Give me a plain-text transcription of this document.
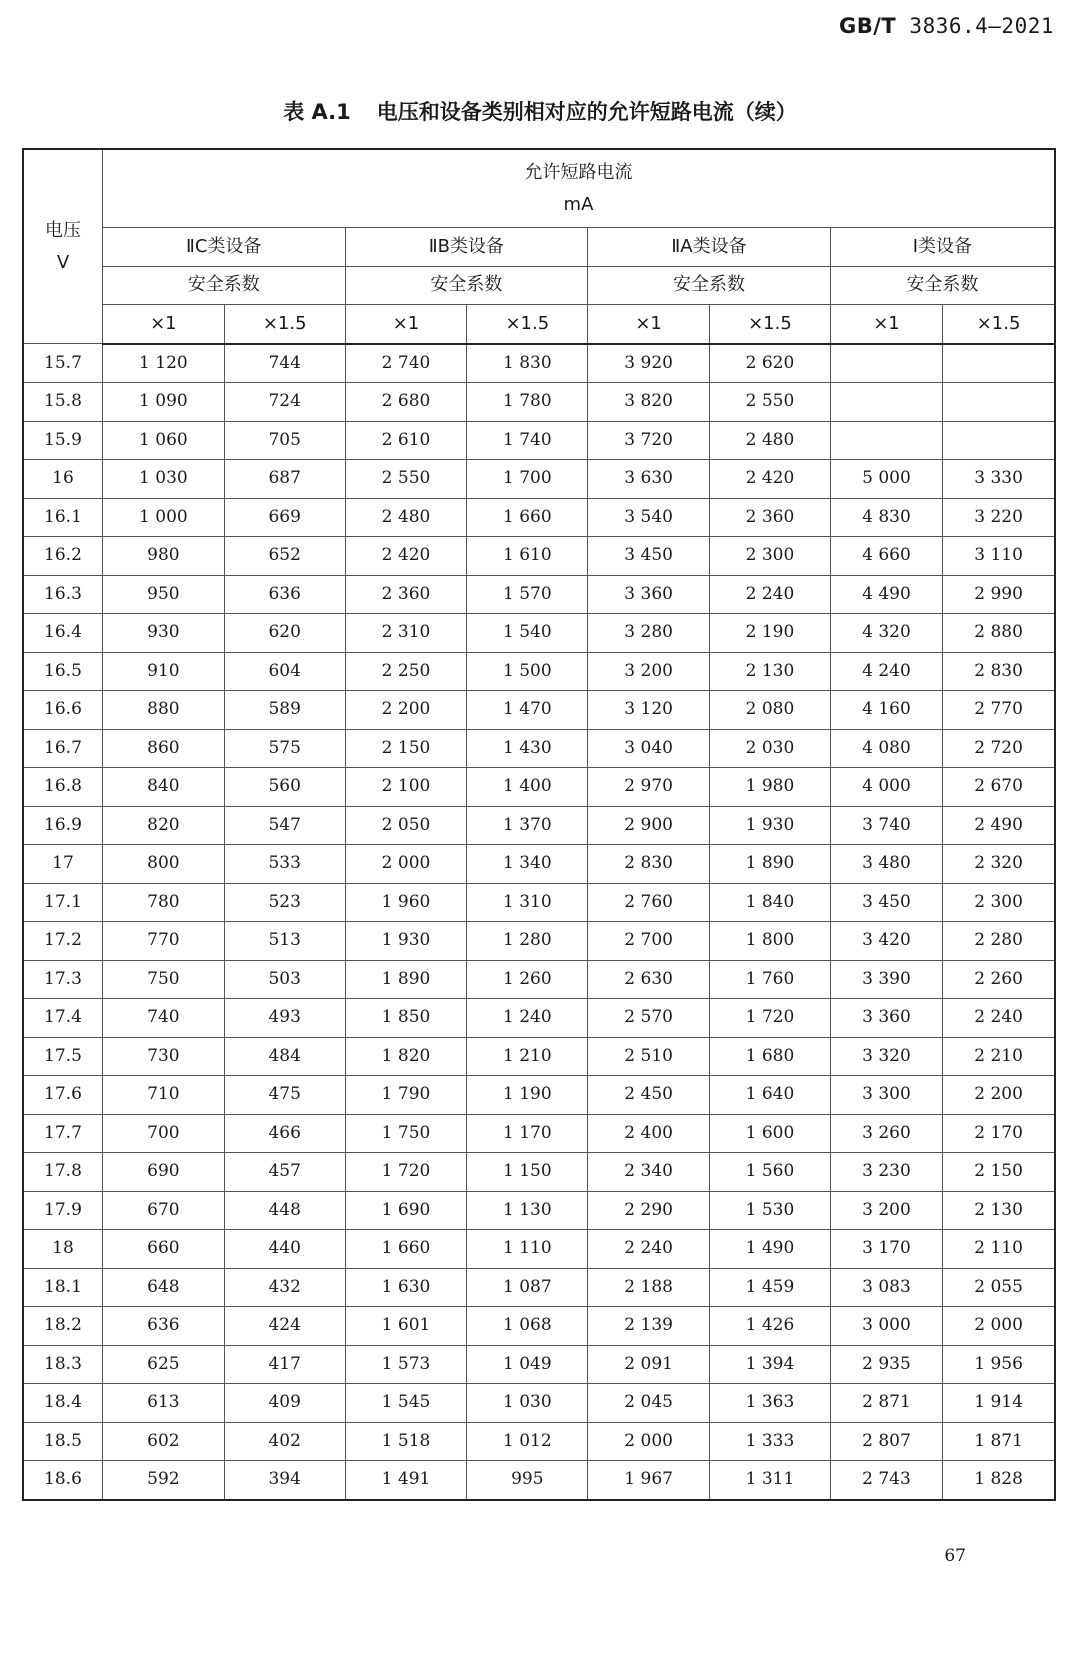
GB/T 3836.4—2021
表 A.1 电压和设备类别相对应的允许短路电流（续）
电压
V	允许短路电流
mA							
	ⅡC类设备		ⅡB类设备		ⅡA类设备		Ⅰ类设备	
	安全系数		安全系数		安全系数		安全系数	
	×1	×1.5	×1	×1.5	×1	×1.5	×1	×1.5
15.7	1 120	744	2 740	1 830	3 920	2 620		
15.8	1 090	724	2 680	1 780	3 820	2 550		
15.9	1 060	705	2 610	1 740	3 720	2 480		
16	1 030	687	2 550	1 700	3 630	2 420	5 000	3 330
16.1	1 000	669	2 480	1 660	3 540	2 360	4 830	3 220
16.2	980	652	2 420	1 610	3 450	2 300	4 660	3 110
16.3	950	636	2 360	1 570	3 360	2 240	4 490	2 990
16.4	930	620	2 310	1 540	3 280	2 190	4 320	2 880
16.5	910	604	2 250	1 500	3 200	2 130	4 240	2 830
16.6	880	589	2 200	1 470	3 120	2 080	4 160	2 770
16.7	860	575	2 150	1 430	3 040	2 030	4 080	2 720
16.8	840	560	2 100	1 400	2 970	1 980	4 000	2 670
16.9	820	547	2 050	1 370	2 900	1 930	3 740	2 490
17	800	533	2 000	1 340	2 830	1 890	3 480	2 320
17.1	780	523	1 960	1 310	2 760	1 840	3 450	2 300
17.2	770	513	1 930	1 280	2 700	1 800	3 420	2 280
17.3	750	503	1 890	1 260	2 630	1 760	3 390	2 260
17.4	740	493	1 850	1 240	2 570	1 720	3 360	2 240
17.5	730	484	1 820	1 210	2 510	1 680	3 320	2 210
17.6	710	475	1 790	1 190	2 450	1 640	3 300	2 200
17.7	700	466	1 750	1 170	2 400	1 600	3 260	2 170
17.8	690	457	1 720	1 150	2 340	1 560	3 230	2 150
17.9	670	448	1 690	1 130	2 290	1 530	3 200	2 130
18	660	440	1 660	1 110	2 240	1 490	3 170	2 110
18.1	648	432	1 630	1 087	2 188	1 459	3 083	2 055
18.2	636	424	1 601	1 068	2 139	1 426	3 000	2 000
18.3	625	417	1 573	1 049	2 091	1 394	2 935	1 956
18.4	613	409	1 545	1 030	2 045	1 363	2 871	1 914
18.5	602	402	1 518	1 012	2 000	1 333	2 807	1 871
18.6	592	394	1 491	995	1 967	1 311	2 743	1 828
67
